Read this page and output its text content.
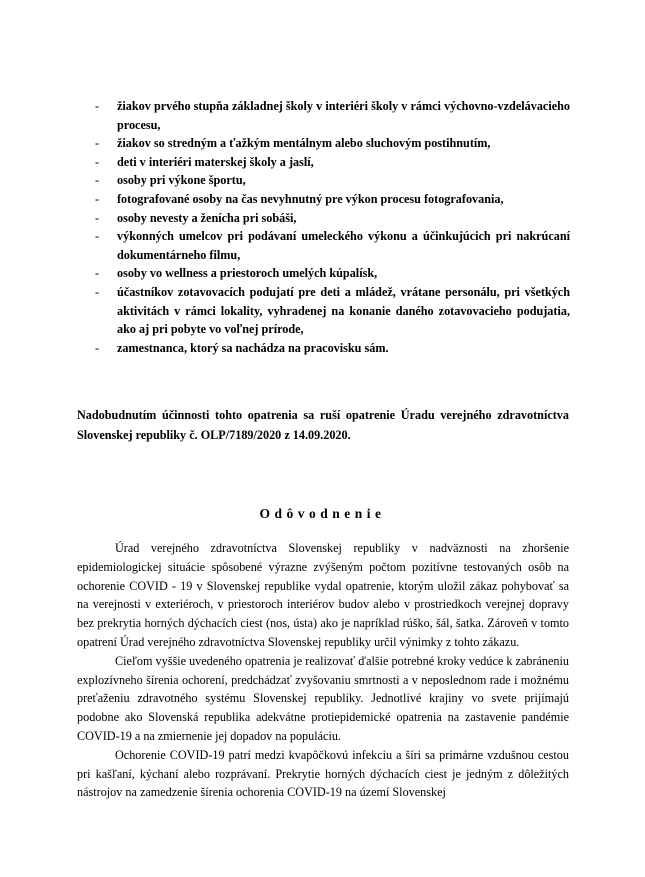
- žiakov prvého stupňa základnej školy v interiéri školy v rámci výchovno-vzdelávacieho procesu,
- žiakov so stredným a ťažkým mentálnym alebo sluchovým postihnutím,
- deti v interiéri materskej školy a jaslí,
- osoby pri výkone športu,
- fotografované osoby na čas nevyhnutný pre výkon procesu fotografovania,
- osoby nevesty a ženícha pri sobáši,
- výkonných umelcov pri podávaní umeleckého výkonu a účinkujúcich pri nakrúcaní dokumentárneho filmu,
- osoby vo wellness a priestoroch umelých kúpalísk,
- účastníkov zotavovacích podujatí pre deti a mládež, vrátane personálu, pri všetkých aktivitách v rámci lokality, vyhradenej na konanie daného zotavovacieho podujatia, ako aj pri pobyte vo voľnej prírode,
- zamestnanca, ktorý sa nachádza na pracovisku sám.

Nadobudnutím účinnosti tohto opatrenia sa ruší opatrenie Úradu verejného zdravotníctva Slovenskej republiky č. OLP/7189/2020 z 14.09.2020.

Odôvodnenie

Úrad verejného zdravotníctva Slovenskej republiky v nadväznosti na zhoršenie epidemiologickej situácie spôsobené výrazne zvýšeným počtom pozitívne testovaných osôb na ochorenie COVID - 19 v Slovenskej republike vydal opatrenie, ktorým uložil zákaz pohybovať sa na verejnosti v exteriéroch, v priestoroch interiérov budov alebo v prostriedkoch verejnej dopravy bez prekrytia horných dýchacích ciest (nos, ústa) ako je napríklad rúško, šál, šatka. Zároveň v tomto opatrení Úrad verejného zdravotníctva Slovenskej republiky určil výnimky z tohto zákazu.

Cieľom vyššie uvedeného opatrenia je realizovať ďalšie potrebné kroky vedúce k zabráneniu explozívneho šírenia ochorení, predchádzať zvyšovaniu smrtnosti a v neposlednom rade i možnému preťaženiu zdravotného systému Slovenskej republiky. Jednotlivé krajiny vo svete prijímajú podobne ako Slovenská republika adekvátne protiepidemické opatrenia na zastavenie pandémie COVID-19 a na zmiernenie jej dopadov na populáciu.

Ochorenie COVID-19 patrí medzi kvapôčkovú infekciu a šíri sa primárne vzdušnou cestou pri kašľaní, kýchaní alebo rozprávaní. Prekrytie horných dýchacích ciest je jedným z dôležitých nástrojov na zamedzenie šírenia ochorenia COVID-19 na území Slovenskej
